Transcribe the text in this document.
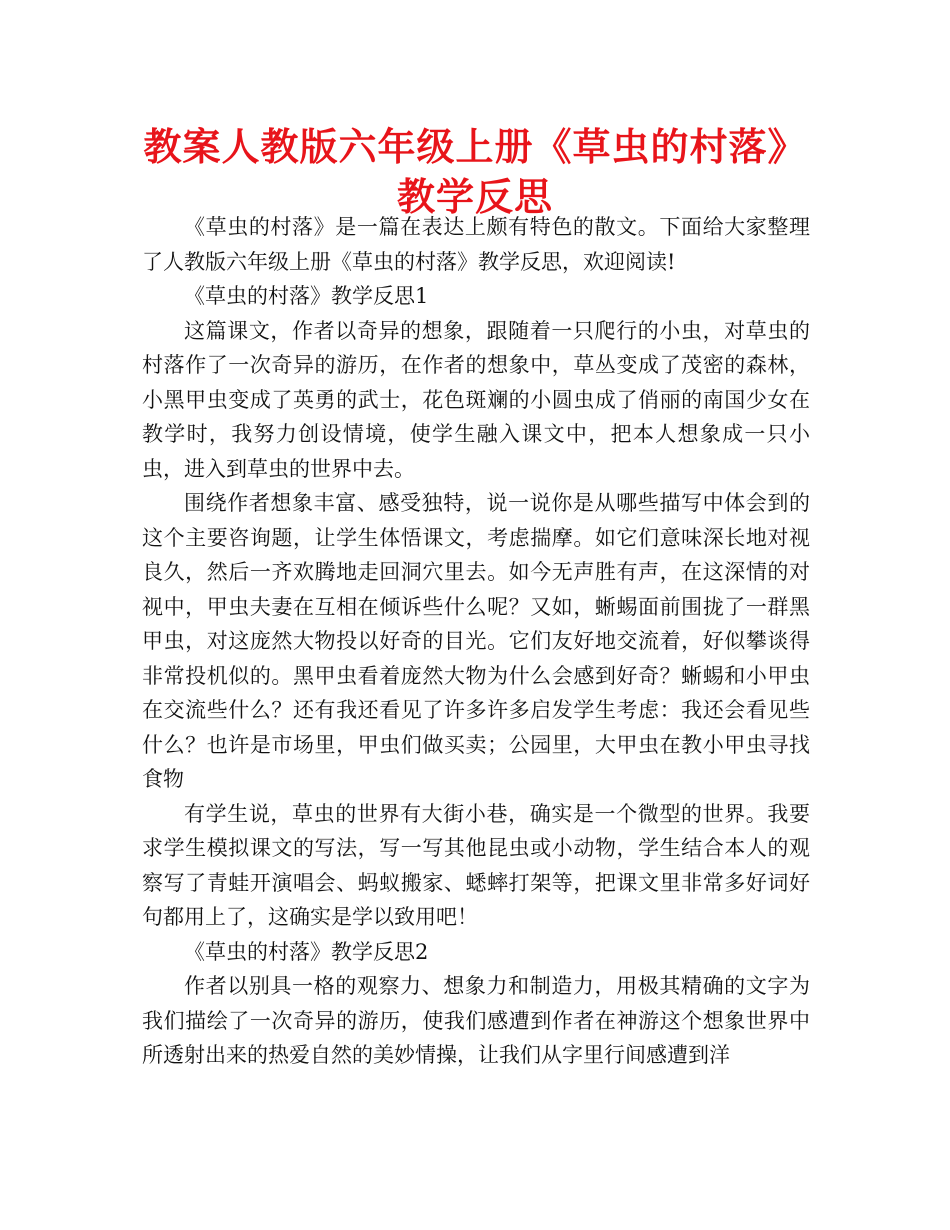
教案人教版六年级上册《草虫的村落》教学反思

《草虫的村落》是一篇在表达上颇有特色的散文。下面给大家整理了人教版六年级上册《草虫的村落》教学反思，欢迎阅读!

《草虫的村落》教学反思1

这篇课文，作者以奇异的想象，跟随着一只爬行的小虫，对草虫的村落作了一次奇异的游历，在作者的想象中，草丛变成了茂密的森林，小黑甲虫变成了英勇的武士，花色斑斓的小圆虫成了俏丽的南国少女在教学时，我努力创设情境，使学生融入课文中，把本人想象成一只小虫，进入到草虫的世界中去。

围绕作者想象丰富、感受独特，说一说你是从哪些描写中体会到的这个主要咨询题，让学生体悟课文，考虑揣摩。如它们意味深长地对视良久，然后一齐欢腾地走回洞穴里去。如今无声胜有声，在这深情的对视中，甲虫夫妻在互相在倾诉些什么呢？又如，蜥蜴面前围拢了一群黑甲虫，对这庞然大物投以好奇的目光。它们友好地交流着，好似攀谈得非常投机似的。黑甲虫看着庞然大物为什么会感到好奇？蜥蜴和小甲虫在交流些什么？还有我还看见了许多许多启发学生考虑：我还会看见些什么？也许是市场里，甲虫们做买卖；公园里，大甲虫在教小甲虫寻找食物

有学生说，草虫的世界有大街小巷，确实是一个微型的世界。我要求学生模拟课文的写法，写一写其他昆虫或小动物，学生结合本人的观察写了青蛙开演唱会、蚂蚁搬家、蟋蟀打架等，把课文里非常多好词好句都用上了，这确实是学以致用吧！

《草虫的村落》教学反思2

作者以别具一格的观察力、想象力和制造力，用极其精确的文字为我们描绘了一次奇异的游历，使我们感遭到作者在神游这个想象世界中所透射出来的热爱自然的美妙情操，让我们从字里行间感遭到洋
